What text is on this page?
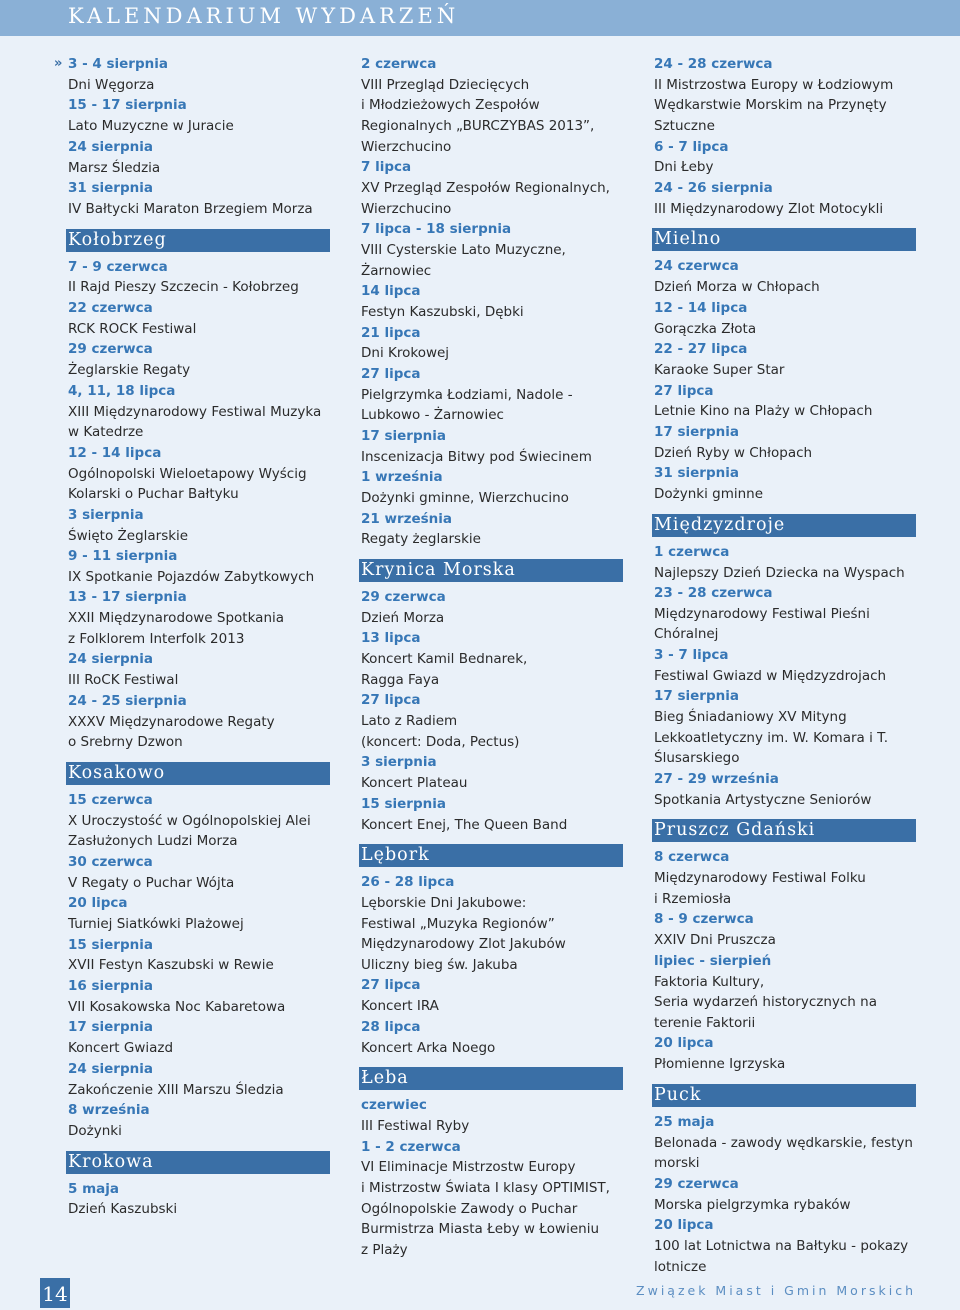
KALENDARIUM WYDARZEŃ
» 3 - 4 sierpnia
Dni Węgorza
15 - 17 sierpnia
Lato Muzyczne w Juracie
24 sierpnia
Marsz Śledzia
31 sierpnia
IV Bałtycki Maraton Brzegiem Morza
Kołobrzeg
7 - 9 czerwca
II Rajd Pieszy Szczecin - Kołobrzeg
22 czerwca
RCK ROCK Festiwal
29 czerwca
Żeglarskie Regaty
4, 11, 18 lipca
XIII Międzynarodowy Festiwal Muzyka
w Katedrze
12 - 14 lipca
Ogólnopolski Wieloetapowy Wyścig
Kolarski o Puchar Bałtyku
3 sierpnia
Święto Żeglarskie
9 - 11 sierpnia
IX Spotkanie Pojazdów Zabytkowych
13 - 17 sierpnia
XXII Międzynarodowe Spotkania
z Folklorem Interfolk 2013
24 sierpnia
III RoCK Festiwal
24 - 25 sierpnia
XXXV Międzynarodowe Regaty
o Srebrny Dzwon
Kosakowo
15 czerwca
X Uroczystość w Ogólnopolskiej Alei
Zasłużonych Ludzi Morza
30 czerwca
V Regaty o Puchar Wójta
20 lipca
Turniej Siatkówki Plażowej
15 sierpnia
XVII Festyn Kaszubski w Rewie
16 sierpnia
VII Kosakowska Noc Kabaretowa
17 sierpnia
Koncert Gwiazd
24 sierpnia
Zakończenie XIII Marszu Śledzia
8 września
Dożynki
Krokowa
5 maja
Dzień Kaszubski
2 czerwca
VIII Przegląd Dziecięcych
i Młodzieżowych Zespołów
Regionalnych „BURCZYBAS 2013”,
Wierzchucino
7 lipca
XV Przegląd Zespołów Regionalnych,
Wierzchucino
7 lipca - 18 sierpnia
VIII Cysterskie Lato Muzyczne,
Żarnowiec
14 lipca
Festyn Kaszubski, Dębki
21 lipca
Dni Krokowej
27 lipca
Pielgrzymka Łodziami, Nadole -
Lubkowo - Żarnowiec
17 sierpnia
Inscenizacja Bitwy pod Świecinem
1 września
Dożynki gminne, Wierzchucino
21 września
Regaty żeglarskie
Krynica Morska
29 czerwca
Dzień Morza
13 lipca
Koncert Kamil Bednarek,
Ragga Faya
27 lipca
Lato z Radiem
(koncert: Doda, Pectus)
3 sierpnia
Koncert Plateau
15 sierpnia
Koncert Enej, The Queen Band
Lębork
26 - 28 lipca
Lęborskie Dni Jakubowe:
Festiwal „Muzyka Regionów”
Międzynarodowy Zlot Jakubów
Uliczny bieg św. Jakuba
27 lipca
Koncert IRA
28 lipca
Koncert Arka Noego
Łeba
czerwiec
III Festiwal Ryby
1 - 2 czerwca
VI Eliminacje Mistrzostw Europy
i Mistrzostw Świata I klasy OPTIMIST,
Ogólnopolskie Zawody o Puchar
Burmistrza Miasta Łeby w Łowieniu
z Plaży
24 - 28 czerwca
II Mistrzostwa Europy w Łodziowym
Wędkarstwie Morskim na Przynęty
Sztuczne
6 - 7 lipca
Dni Łeby
24 - 26 sierpnia
III Międzynarodowy Zlot Motocykli
Mielno
24 czerwca
Dzień Morza w Chłopach
12 - 14 lipca
Gorączka Złota
22 - 27 lipca
Karaoke Super Star
27 lipca
Letnie Kino na Plaży w Chłopach
17 sierpnia
Dzień Ryby w Chłopach
31 sierpnia
Dożynki gminne
Międzyzdroje
1 czerwca
Najlepszy Dzień Dziecka na Wyspach
23 - 28 czerwca
Międzynarodowy Festiwal Pieśni
Chóralnej
3 - 7 lipca
Festiwal Gwiazd w Międzyzdrojach
17 sierpnia
Bieg Śniadaniowy XV Mityng
Lekkoatletyczny im. W. Komara i T.
Ślusarskiego
27 - 29 września
Spotkania Artystyczne Seniorów
Pruszcz Gdański
8 czerwca
Międzynarodowy Festiwal Folku
i Rzemiosła
8 - 9 czerwca
XXIV Dni Pruszcza
lipiec - sierpień
Faktoria Kultury,
Seria wydarzeń historycznych na
terenie Faktorii
20 lipca
Płomienne Igrzyska
Puck
25 maja
Belonada - zawody wędkarskie, festyn
morski
29 czerwca
Morska pielgrzymka rybaków
20 lipca
100 lat Lotnictwa na Bałtyku - pokazy
lotnicze
14	Związek Miast i Gmin Morskich
